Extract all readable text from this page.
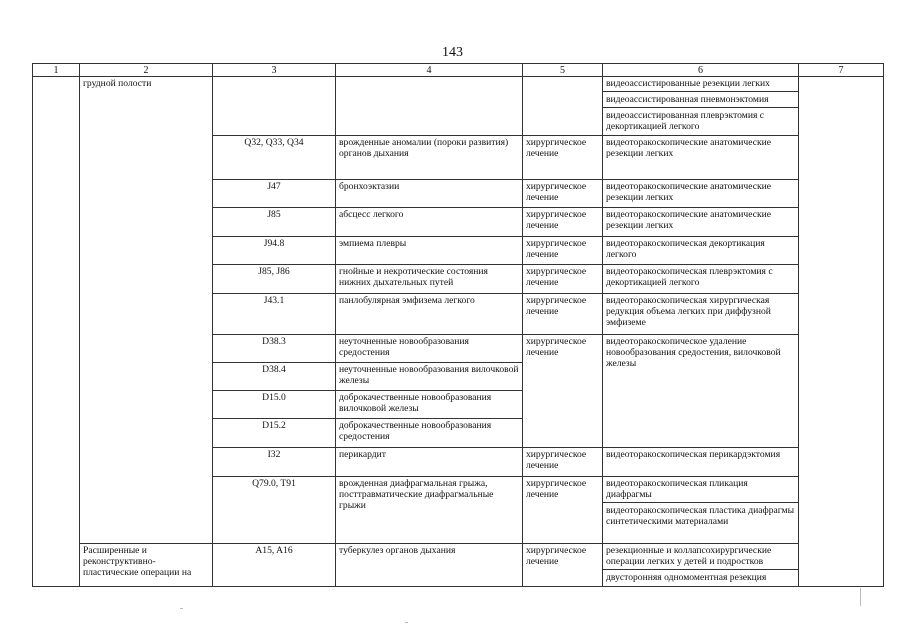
143
1	2	3	4	5	6	7
	грудной полости				видеоассистированные резекции легких
видеоассистированная пневмонэктомия
видеоассистированная плеврэктомия с декортикацией легкого	

		Q32, Q33, Q34	врожденные аномалии (пороки развития) органов дыхания	хирургическое лечение	видеоторакоскопические анатомические резекции легких	
		J47	бронхоэктазии	хирургическое лечение	видеоторакоскопические анатомические резекции легких	
		J85	абсцесс легкого	хирургическое лечение	видеоторакоскопические анатомические резекции легких	
		J94.8	эмпиема плевры	хирургическое лечение	видеоторакоскопическая декортикация легкого	
		J85, J86	гнойные и некротические состояния нижних дыхательных путей	хирургическое лечение	видеоторакоскопическая плеврэктомия с декортикацией легкого	
		J43.1	панлобулярная эмфизема легкого	хирургическое лечение	видеоторакоскопическая хирургическая редукция объема легких при диффузной эмфиземе	
		D38.3	неуточненные новообразования средостения	хирургическое лечение	видеоторакоскопическое удаление новообразования средостения, вилочковой железы	
		D38.4	неуточненные новообразования вилочковой железы			
		D15.0	доброкачественные новообразования вилочковой железы			
		D15.2	доброкачественные новообразования средостения			
		I32	перикардит	хирургическое лечение	видеоторакоскопическая перикардэктомия	
		Q79.0, T91	врожденная диафрагмальная грыжа, посттравматические диафрагмальные грыжи	хирургическое лечение	видеоторакоскопическая пликация диафрагмы
видеоторакоскопическая пластика диафрагмы синтетическими материалами	

	Расширенные и реконструктивно-пластические операции на	A15, A16	туберкулез органов дыхания	хирургическое лечение	резекционные и коллапсохирургические операции легких у детей и подростков
двусторонняя одномоментная резекция	
